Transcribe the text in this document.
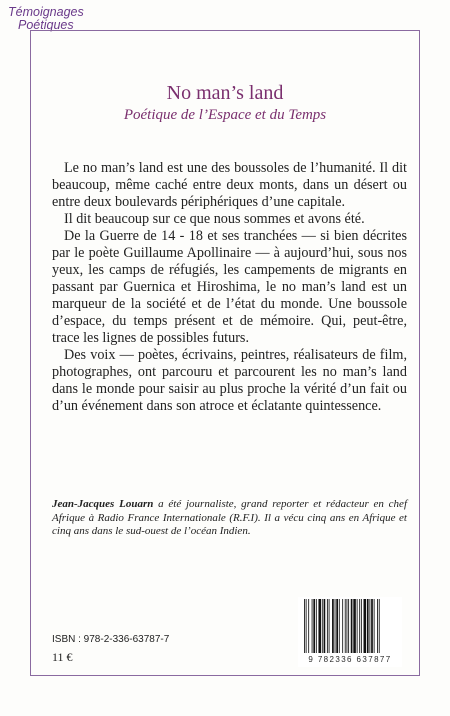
Témoignages
Poétiques
No man’s land
Poétique de l’Espace et du Temps

Le no man’s land est une des boussoles de l’humanité. Il dit beaucoup, même caché entre deux monts, dans un désert ou entre deux boulevards périphériques d’une capitale.

Il dit beaucoup sur ce que nous sommes et avons été.

De la Guerre de 14 - 18 et ses tranchées — si bien décrites par le poète Guillaume Apollinaire — à aujourd’hui, sous nos yeux, les camps de réfugiés, les campements de migrants en passant par Guernica et Hiroshima, le no man’s land est un marqueur de la société et de l’état du monde. Une boussole d’espace, du temps présent et de mémoire. Qui, peut-être, trace les lignes de possibles futurs.

Des voix — poètes, écrivains, peintres, réalisateurs de film, photographes, ont parcouru et parcourent les no man’s land dans le monde pour saisir au plus proche la vérité d’un fait ou d’un événement dans son atroce et éclatante quintessence.

Jean-Jacques Louarn a été journaliste, grand reporter et rédacteur en chef Afrique à Radio France Internationale (R.F.I). Il a vécu cinq ans en Afrique et cinq ans dans le sud-ouest de l’océan Indien.
ISBN : 978-2-336-63787-7
11 €	9 782336 637877
